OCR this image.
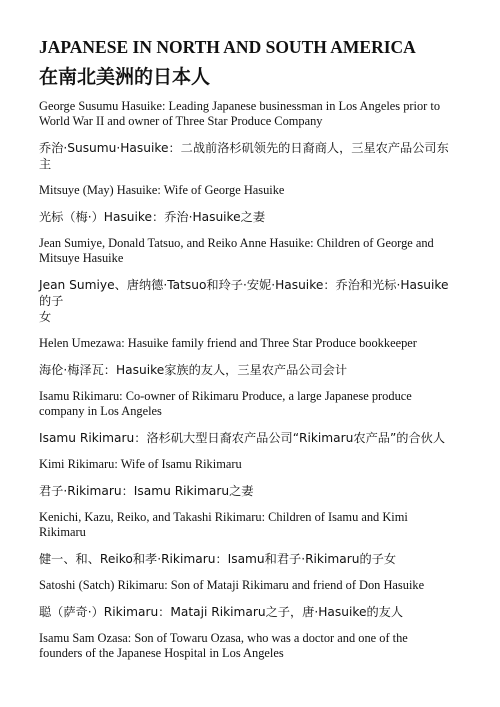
JAPANESE IN NORTH AND SOUTH AMERICA
在南北美洲的日本人

George Susumu Hasuike: Leading Japanese businessman in Los Angeles prior to
World War II and owner of Three Star Produce Company

乔治·Susumu·Hasuike：二战前洛杉矶领先的日裔商人，三星农产品公司东主

Mitsuye (May) Hasuike: Wife of George Hasuike

光标（梅·）Hasuike：乔治·Hasuike之妻

Jean Sumiye, Donald Tatsuo, and Reiko Anne Hasuike: Children of George and
Mitsuye Hasuike

Jean Sumiye、唐纳德·Tatsuo和玲子·安妮·Hasuike：乔治和光标·Hasuike的子
女

Helen Umezawa: Hasuike family friend and Three Star Produce bookkeeper

海伦·梅泽瓦：Hasuike家族的友人，三星农产品公司会计

Isamu Rikimaru: Co-owner of Rikimaru Produce, a large Japanese produce
company in Los Angeles

Isamu Rikimaru：洛杉矶大型日裔农产品公司“Rikimaru农产品”的合伙人

Kimi Rikimaru: Wife of Isamu Rikimaru

君子·Rikimaru：Isamu Rikimaru之妻

Kenichi, Kazu, Reiko, and Takashi Rikimaru: Children of Isamu and Kimi
Rikimaru

健一、和、Reiko和孝·Rikimaru：Isamu和君子·Rikimaru的子女

Satoshi (Satch) Rikimaru: Son of Mataji Rikimaru and friend of Don Hasuike

聪（萨奇·）Rikimaru：Mataji Rikimaru之子，唐·Hasuike的友人

Isamu Sam Ozasa: Son of Towaru Ozasa, who was a doctor and one of the
founders of the Japanese Hospital in Los Angeles
